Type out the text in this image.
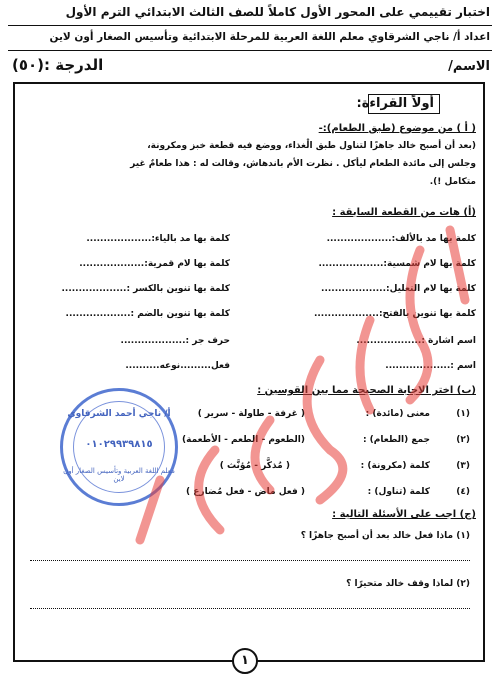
اختبار تقييمي على المحور الأول كاملاً للصف الثالث الابتدائي الترم الأول
اعداد أ/ ناجي الشرقاوي معلم اللغة العربية للمرحلة الابتدائية وتأسيس الصغار أون لاين
الاسم/
الدرجة :(٥٠)
أولاً القراءة:
( أ ) من موضوع (طبق الطعام):-
(بعد أن أصبح خالد جاهزًا لتناول طبق الْغذاء، ووضع فيه قطعة خبز ومكرونة،
وجلس إلى مائدة الطعام ليأكل . نظرت الأم باندهاش، وقالت له : هذا طعامٌ غير
متكامل !).
(أ) هات من القطعة السابقة :
كلمة بها مد بالألف:...................
كلمة بها مد بالياء:...................
كلمة بها لام شمسية:...................
كلمة بها لام قمرية:...................
كلمة بها لام التعليل:...................
كلمة بها تنوين بالكسر :...................
كلمة بها تنوين بالفتح:...................
كلمة بها تنوين بالضم :...................
اسم اشارة :...................
حرف جر :...................
اسم :...................
فعل.........نوعه..........
(ب) اختر الاجابة الصحيحة مما بين القوسين :
(١)
معنى (مائدة) :
( غرفة - طاولة - سرير )
(٢)
جمع (الطعام) :
(الطعوم - الطعم - الأطعمة)
(٣)
كلمة (مكرونة) :
( مُذكَّر - مُؤنَّث )
(٤)
كلمة (تناول) :
( فعل ماض - فعل مُضارع )
(ج) اجب على الأسئلة التالية :
(١) ماذا فعل خالد بعد أن أصبح جاهزًا ؟
(٢) لماذا وقف خالد متحيرًا ؟
أ/ ناجي أحمد الشرقاوي
٠١٠٢٩٩٣٩٨١٥
معلم اللغة العربية وتأسيس الصغار أون لاين
١
